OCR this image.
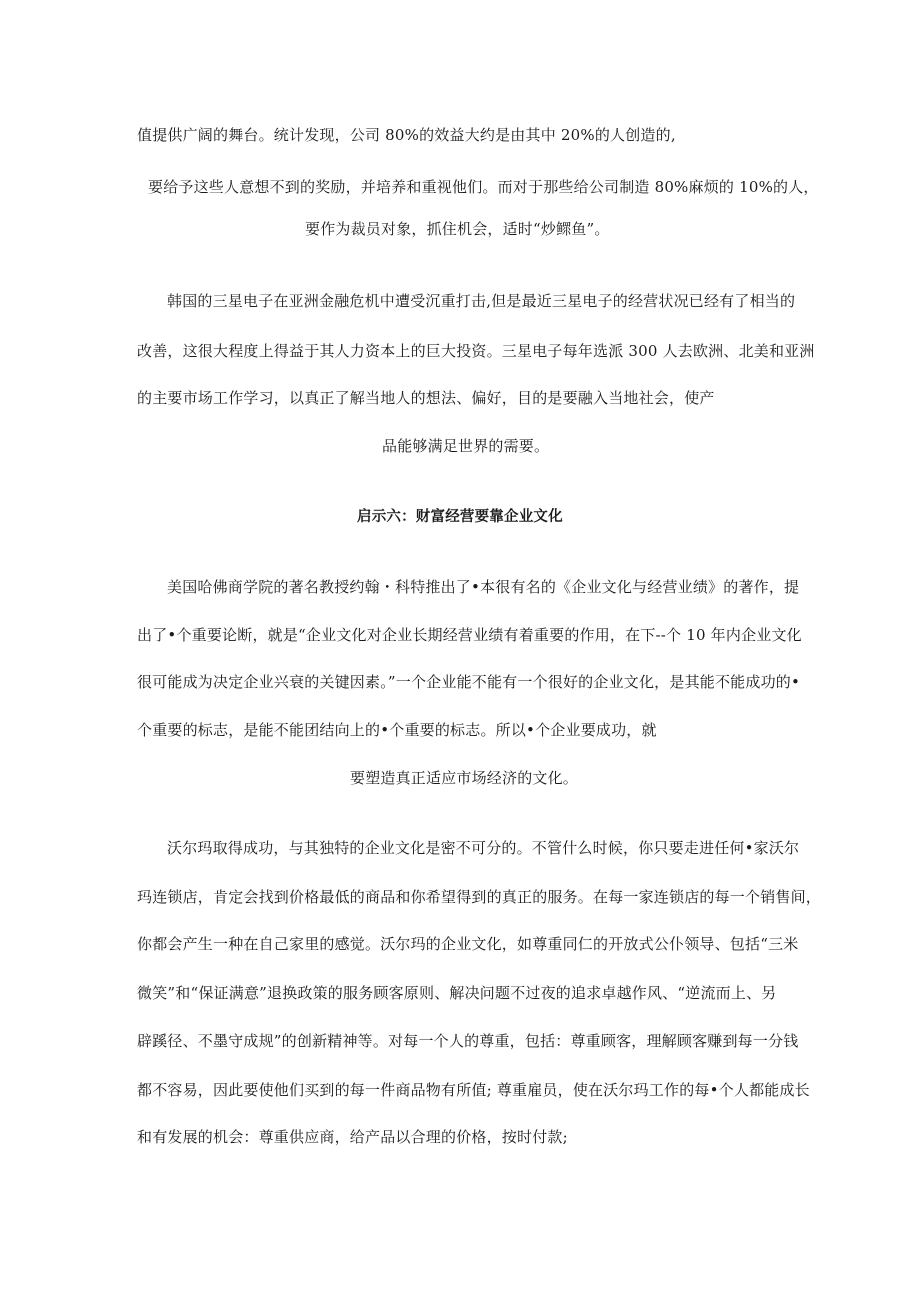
值提供广阔的舞台。统计发现，公司 80%的效益大约是由其中 20%的人创造的,
要给予这些人意想不到的奖励，并培养和重视他们。而对于那些给公司制造 80%麻烦的 10%的人，
要作为裁员对象，抓住机会，适时“炒鳏鱼”。
韩国的三星电子在亚洲金融危机中遭受沉重打击,但是最近三星电子的经营状况已经有了相当的
改善，这很大程度上得益于其人力资本上的巨大投资。三星电子每年选派 300 人去欧洲、北美和亚洲
的主要市场工作学习，以真正了解当地人的想法、偏好，目的是要融入当地社会，使产
品能够满足世界的需要。
启示六：财富经营要靠企业文化
美国哈佛商学院的著名教授约翰・科特推出了•本很有名的《企业文化与经营业绩》的著作，提
出了•个重要论断，就是“企业文化对企业长期经营业绩有着重要的作用，在下--个 10 年内企业文化
很可能成为决定企业兴衰的关键因素。”一个企业能不能有一个很好的企业文化，是其能不能成功的•
个重要的标志，是能不能团结向上的•个重要的标志。所以•个企业要成功，就
要塑造真正适应市场经济的文化。
沃尔玛取得成功，与其独特的企业文化是密不可分的。不管什么时候，你只要走进任何•家沃尔
玛连锁店，肯定会找到价格最低的商品和你希望得到的真正的服务。在每一家连锁店的每一个销售间，
你都会产生一种在自己家里的感觉。沃尔玛的企业文化，如尊重同仁的开放式公仆领导、包括“三米
微笑”和“保证满意”退换政策的服务顾客原则、解决问题不过夜的追求卓越作风、“逆流而上、另
辟蹊径、不墨守成规”的创新精神等。对每一个人的尊重，包括：尊重顾客，理解顾客赚到每一分钱
都不容易，因此要使他们买到的每一件商品物有所值; 尊重雇员，使在沃尔玛工作的每•个人都能成长
和有发展的机会：尊重供应商，给产品以合理的价格，按时付款;
